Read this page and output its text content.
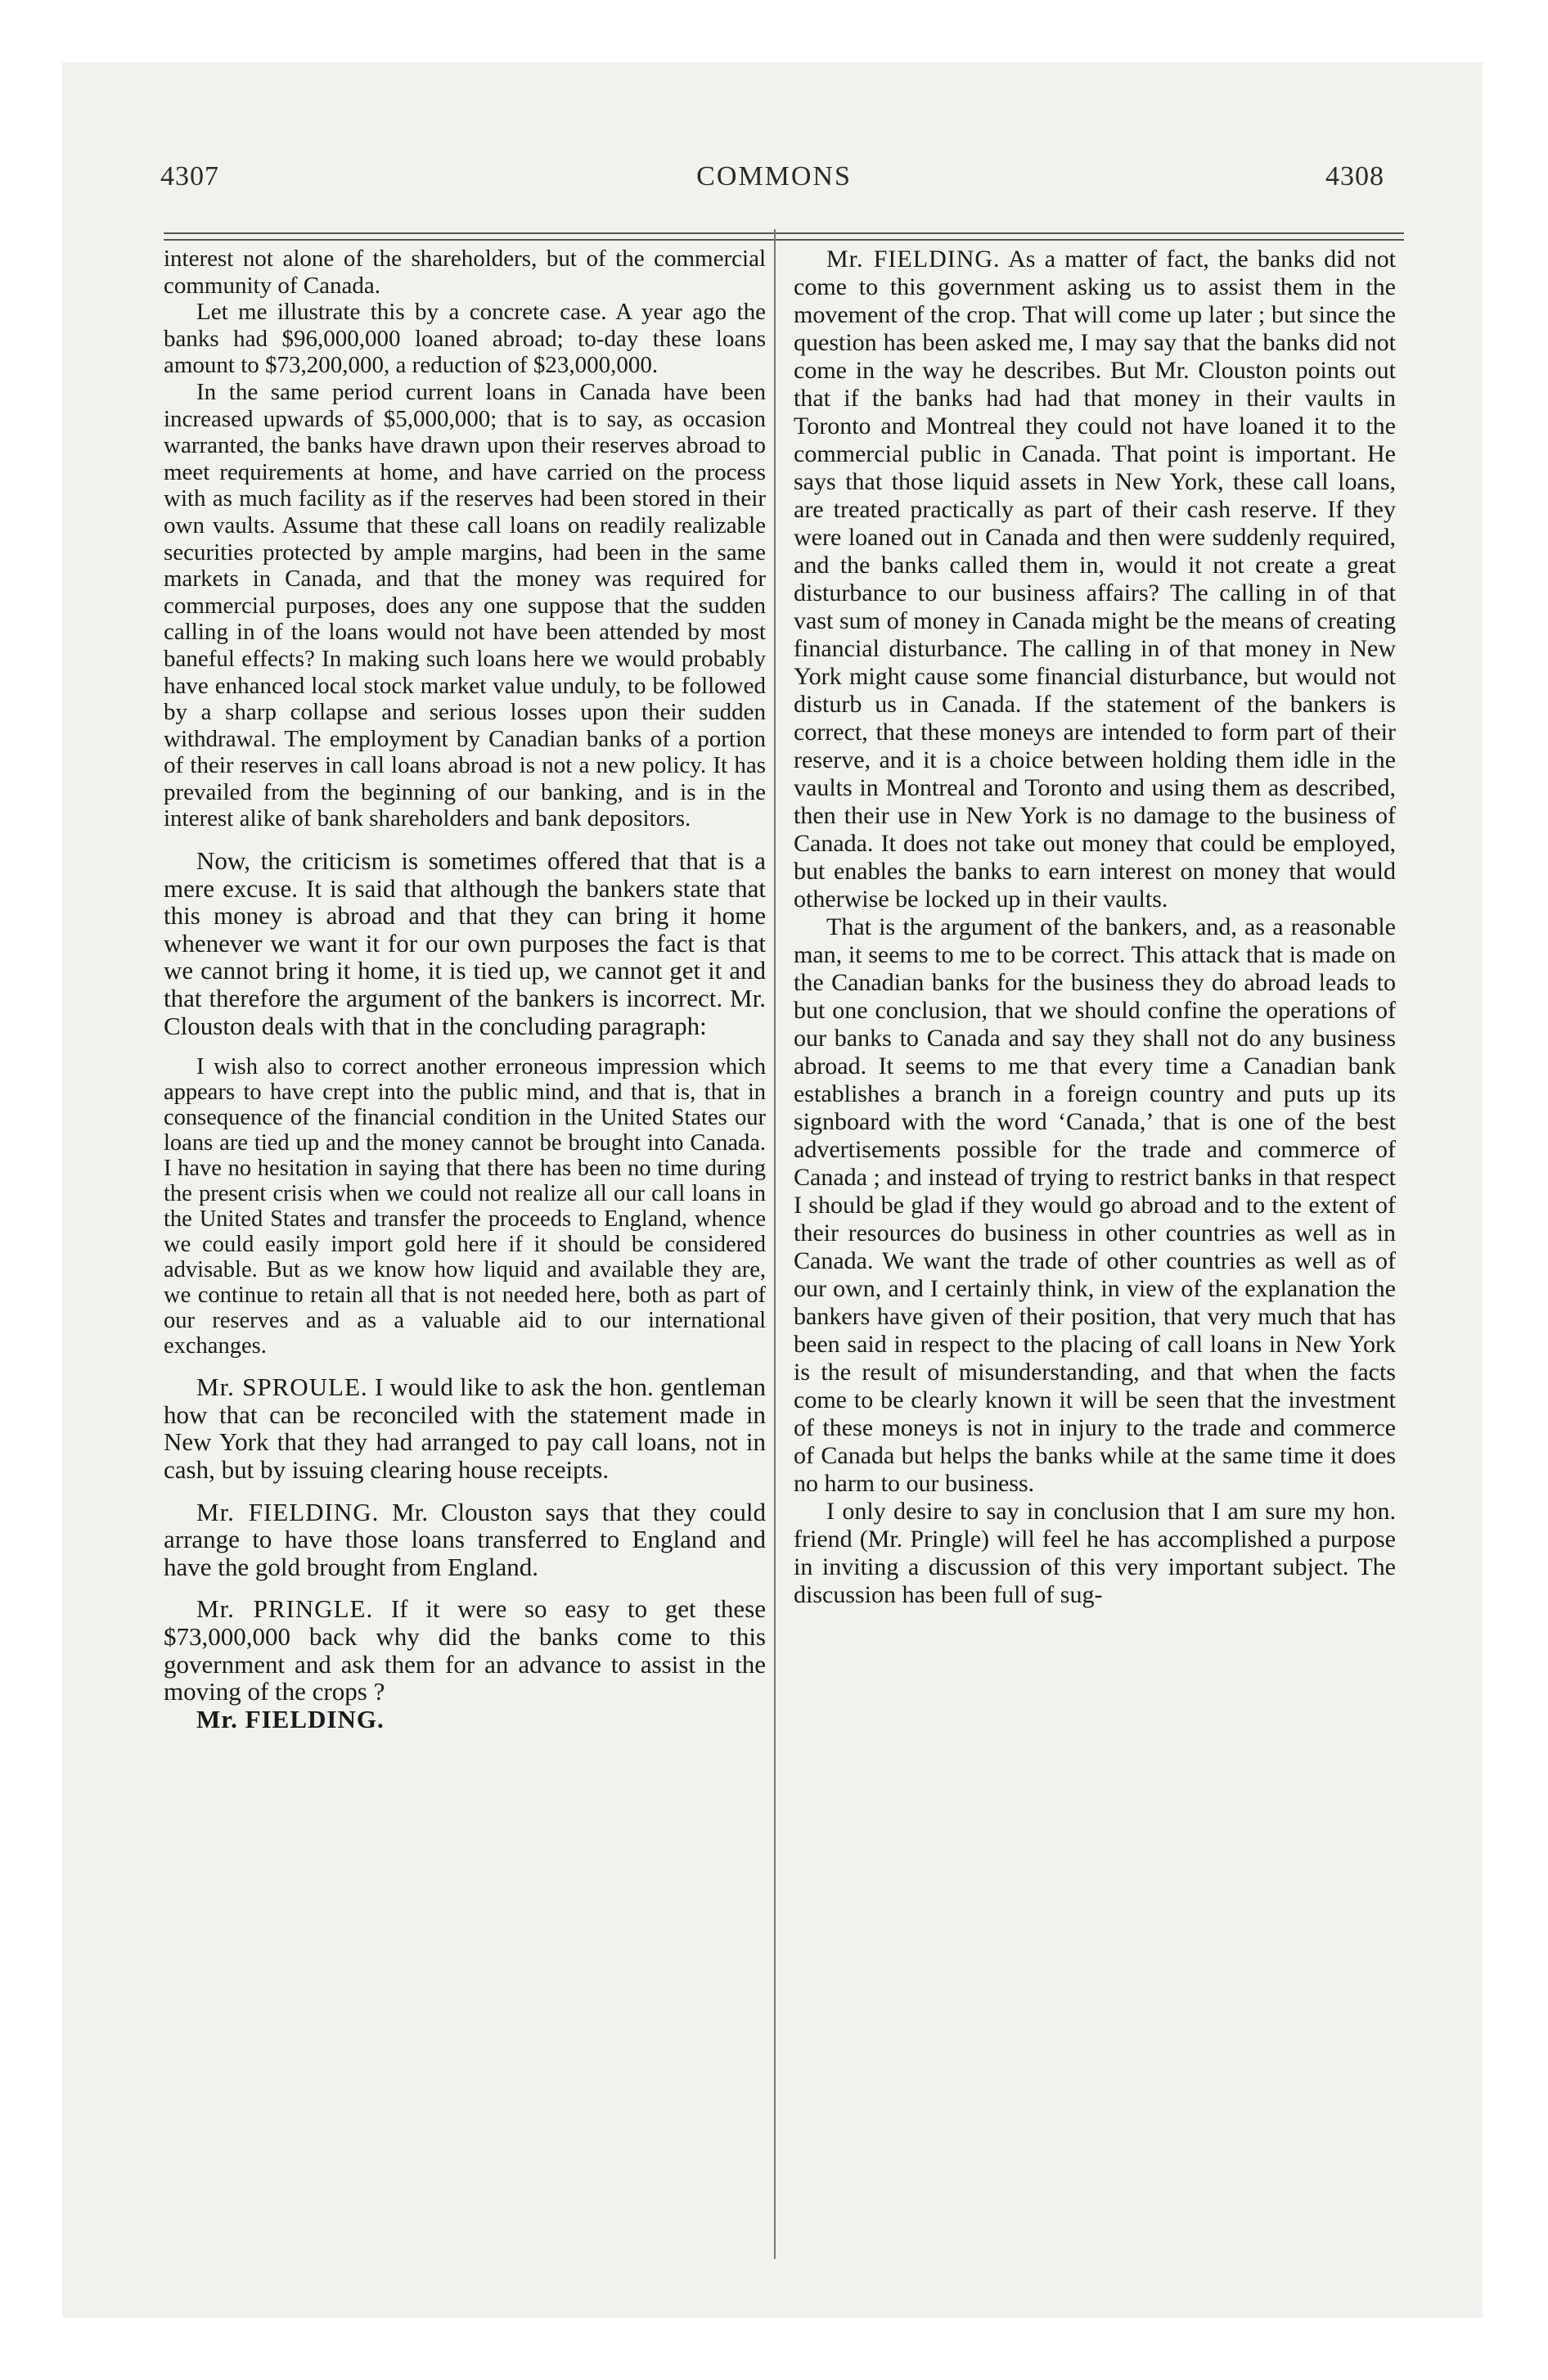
4307	COMMONS	4308

interest not alone of the shareholders, but of the commercial community of Canada.

Let me illustrate this by a concrete case. A year ago the banks had $96,000,000 loaned abroad; to-day these loans amount to $73,200,000, a reduction of $23,000,000.

In the same period current loans in Canada have been increased upwards of $5,000,000; that is to say, as occasion warranted, the banks have drawn upon their reserves abroad to meet requirements at home, and have carried on the process with as much facility as if the reserves had been stored in their own vaults. Assume that these call loans on readily realizable securities protected by ample margins, had been in the same markets in Canada, and that the money was required for commercial purposes, does any one suppose that the sudden calling in of the loans would not have been attended by most baneful effects? In making such loans here we would probably have enhanced local stock market value unduly, to be followed by a sharp collapse and serious losses upon their sudden withdrawal. The employment by Canadian banks of a portion of their reserves in call loans abroad is not a new policy. It has prevailed from the beginning of our banking, and is in the interest alike of bank shareholders and bank depositors.

Now, the criticism is sometimes offered that that is a mere excuse. It is said that although the bankers state that this money is abroad and that they can bring it home whenever we want it for our own purposes the fact is that we cannot bring it home, it is tied up, we cannot get it and that therefore the argument of the bankers is incorrect. Mr. Clouston deals with that in the concluding paragraph:

I wish also to correct another erroneous impression which appears to have crept into the public mind, and that is, that in consequence of the financial condition in the United States our loans are tied up and the money cannot be brought into Canada. I have no hesitation in saying that there has been no time during the present crisis when we could not realize all our call loans in the United States and transfer the proceeds to England, whence we could easily import gold here if it should be considered advisable. But as we know how liquid and available they are, we continue to retain all that is not needed here, both as part of our reserves and as a valuable aid to our international exchanges.

Mr. SPROULE. I would like to ask the hon. gentleman how that can be reconciled with the statement made in New York that they had arranged to pay call loans, not in cash, but by issuing clearing house receipts.

Mr. FIELDING. Mr. Clouston says that they could arrange to have those loans transferred to England and have the gold brought from England.

Mr. PRINGLE. If it were so easy to get these $73,000,000 back why did the banks come to this government and ask them for an advance to assist in the moving of the crops ?

Mr. FIELDING.

Mr. FIELDING. As a matter of fact, the banks did not come to this government asking us to assist them in the movement of the crop. That will come up later ; but since the question has been asked me, I may say that the banks did not come in the way he describes. But Mr. Clouston points out that if the banks had had that money in their vaults in Toronto and Montreal they could not have loaned it to the commercial public in Canada. That point is important. He says that those liquid assets in New York, these call loans, are treated practically as part of their cash reserve. If they were loaned out in Canada and then were suddenly required, and the banks called them in, would it not create a great disturbance to our business affairs? The calling in of that vast sum of money in Canada might be the means of creating financial disturbance. The calling in of that money in New York might cause some financial disturbance, but would not disturb us in Canada. If the statement of the bankers is correct, that these moneys are intended to form part of their reserve, and it is a choice between holding them idle in the vaults in Montreal and Toronto and using them as described, then their use in New York is no damage to the business of Canada. It does not take out money that could be employed, but enables the banks to earn interest on money that would otherwise be locked up in their vaults.

That is the argument of the bankers, and, as a reasonable man, it seems to me to be correct. This attack that is made on the Canadian banks for the business they do abroad leads to but one conclusion, that we should confine the operations of our banks to Canada and say they shall not do any business abroad. It seems to me that every time a Canadian bank establishes a branch in a foreign country and puts up its signboard with the word ‘Canada,’ that is one of the best advertisements possible for the trade and commerce of Canada ; and instead of trying to restrict banks in that respect I should be glad if they would go abroad and to the extent of their resources do business in other countries as well as in Canada. We want the trade of other countries as well as of our own, and I certainly think, in view of the explanation the bankers have given of their position, that very much that has been said in respect to the placing of call loans in New York is the result of misunderstanding, and that when the facts come to be clearly known it will be seen that the investment of these moneys is not in injury to the trade and commerce of Canada but helps the banks while at the same time it does no harm to our business.

I only desire to say in conclusion that I am sure my hon. friend (Mr. Pringle) will feel he has accomplished a purpose in inviting a discussion of this very important subject. The discussion has been full of sug-
